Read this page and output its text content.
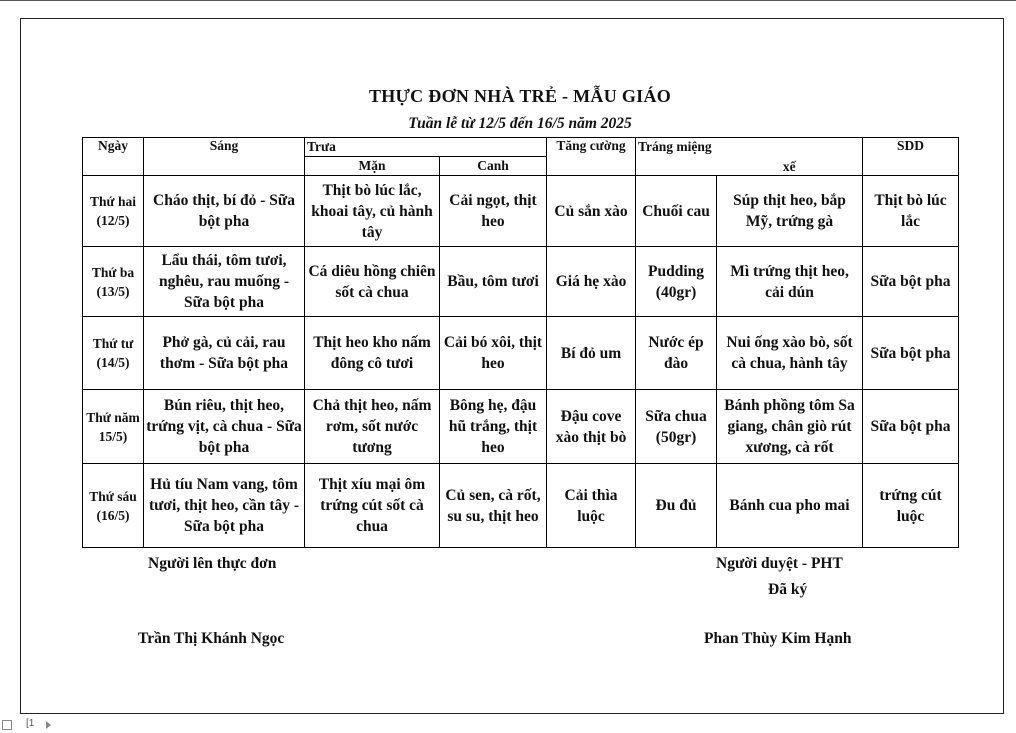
THỰC ĐƠN NHÀ TRẺ - MẪU GIÁO
Tuần lễ từ 12/5 đến 16/5 năm 2025
Ngày	Sáng	Trưa		Tăng cường	Tráng miệng		SDD
		Mặn	Canh			xế	
Thứ hai (12/5)	Cháo thịt, bí đỏ - Sữa bột pha	Thịt bò lúc lắc, khoai tây, củ hành tây	Cải ngọt, thịt heo	Củ sắn xào	Chuối cau	Súp thịt heo, bắp Mỹ, trứng gà	Thịt bò lúc lắc
Thứ ba (13/5)	Lẩu thái, tôm tươi, nghêu, rau muống - Sữa bột pha	Cá diêu hồng chiên sốt cà chua	Bầu, tôm tươi	Giá hẹ xào	Pudding (40gr)	Mì trứng thịt heo, cải dún	Sữa bột pha
Thứ tư (14/5)	Phở gà, củ cải, rau thơm - Sữa bột pha	Thịt heo kho nấm đông cô tươi	Cải bó xôi, thịt heo	Bí đỏ um	Nước ép đào	Nui ống xào bò, sốt cà chua, hành tây	Sữa bột pha
Thứ năm 15/5)	Bún riêu, thịt heo, trứng vịt, cà chua - Sữa bột pha	Chả thịt heo, nấm rơm, sốt nước tương	Bông hẹ, đậu hũ trắng, thịt heo	Đậu cove xào thịt bò	Sữa chua (50gr)	Bánh phồng tôm Sa giang, chân giò rút xương, cà rốt	Sữa bột pha
Thứ sáu (16/5)	Hủ tíu Nam vang, tôm tươi, thịt heo, cần tây - Sữa bột pha	Thịt xíu mại ôm trứng cút sốt cà chua	Củ sen, cà rốt, su su, thịt heo	Cải thìa luộc	Đu đủ	Bánh cua pho mai	trứng cút luộc
Người lên thực đơn	Người duyệt - PHT
Đã ký
Trần Thị Khánh Ngọc	Phan Thùy Kim Hạnh
[1
